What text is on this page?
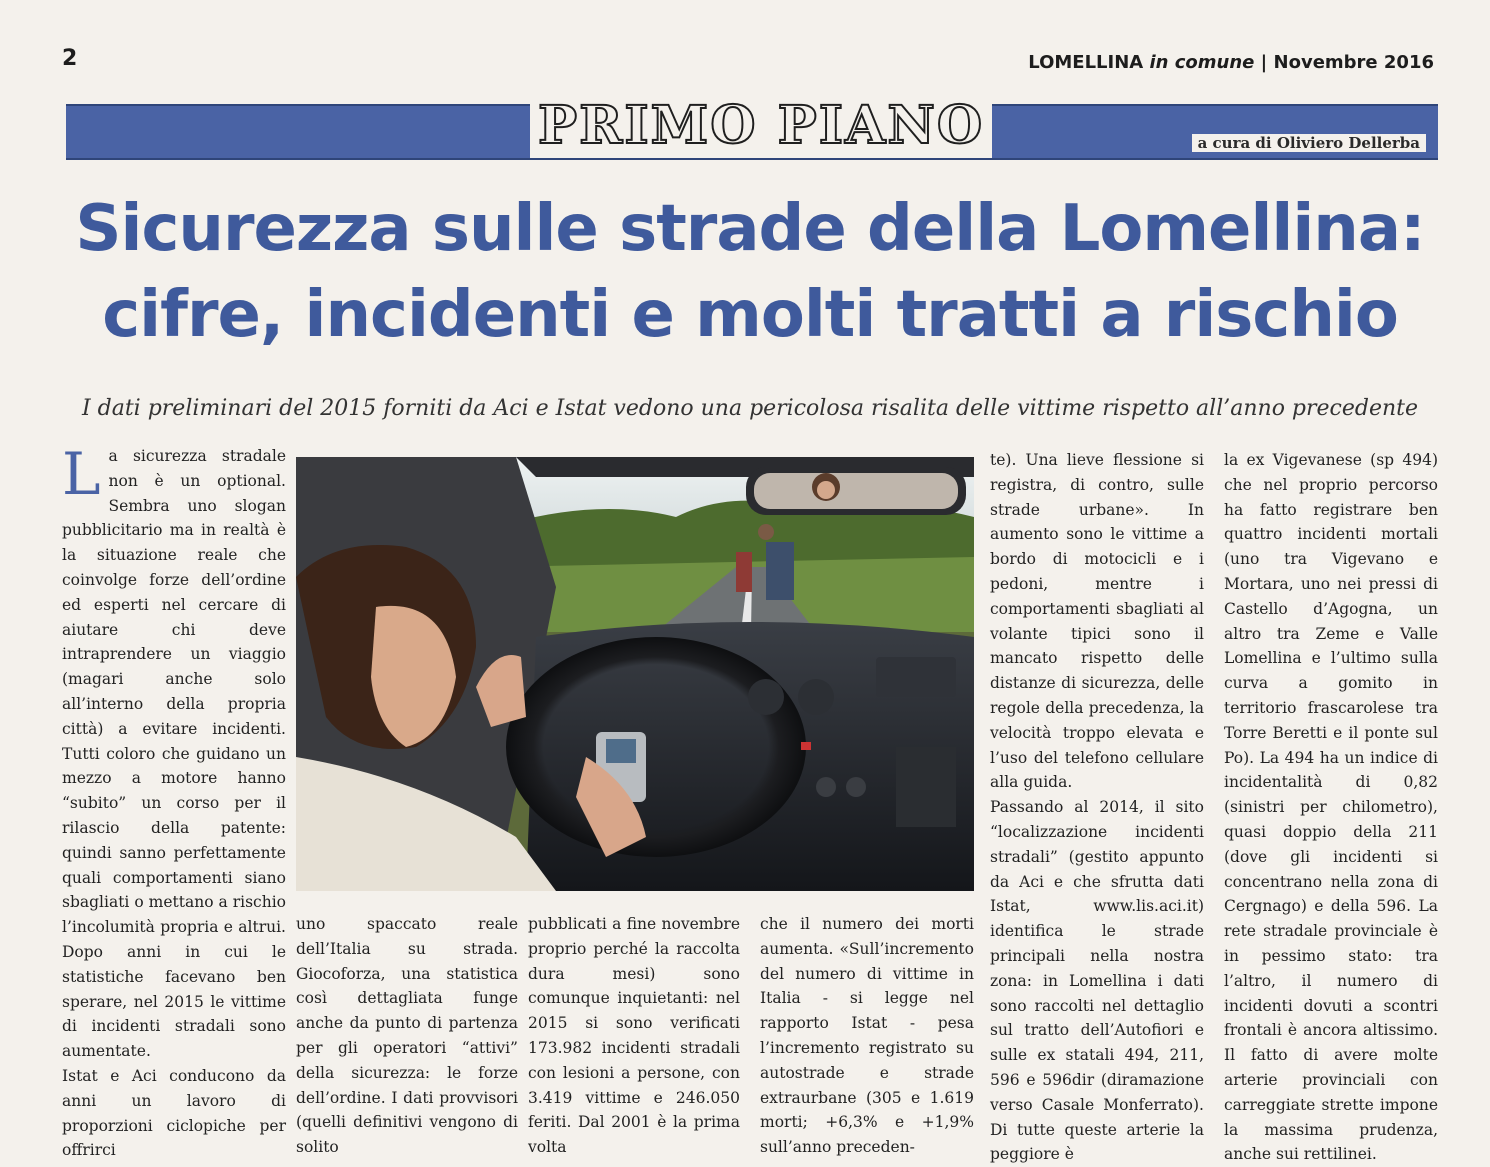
2	LOMELLINA in comune | Novembre 2016
PRIMO PIANO	a cura di Oliviero Dellerba
Sicurezza sulle strade della Lomellina:
cifre, incidenti e molti tratti a rischio
I dati preliminari del 2015 forniti da Aci e Istat vedono una pericolosa risalita delle vittime rispetto all’anno precedente
L a sicurezza stradale non è un optional. Sembra uno slogan pubblicitario ma in realtà è la situazione reale che coinvolge forze dell’ordine ed esperti nel cercare di aiutare chi deve intraprendere un viaggio (magari anche solo all’interno della propria città) a evitare incidenti. Tutti coloro che guidano un mezzo a motore hanno “subito” un corso per il rilascio della patente: quindi sanno perfettamente quali comportamenti siano sbagliati o mettano a rischio l’incolumità propria e altrui. Dopo anni in cui le statistiche facevano ben sperare, nel 2015 le vittime di incidenti stradali sono aumentate.

Istat e Aci conducono da anni un lavoro di proporzioni ciclopiche per offrirci

uno spaccato reale dell’Italia su strada. Giocoforza, una statistica così dettagliata funge anche da punto di partenza per gli operatori “attivi” della sicurezza: le forze dell’ordine. I dati provvisori (quelli definitivi vengono di solito

pubblicati a fine novembre proprio perché la raccolta dura mesi) sono comunque inquietanti: nel 2015 si sono verificati 173.982 incidenti stradali con lesioni a persone, con 3.419 vittime e 246.050 feriti. Dal 2001 è la prima volta

che il numero dei morti aumenta. «Sull’incremento del numero di vittime in Italia - si legge nel rapporto Istat - pesa l’incremento registrato su autostrade e strade extraurbane (305 e 1.619 morti; +6,3% e +1,9% sull’anno preceden-

te). Una lieve flessione si registra, di contro, sulle strade urbane». In aumento sono le vittime a bordo di motocicli e i pedoni, mentre i comportamenti sbagliati al volante tipici sono il mancato rispetto delle distanze di sicurezza, delle regole della precedenza, la velocità troppo elevata e l’uso del telefono cellulare alla guida.

Passando al 2014, il sito “localizzazione incidenti stradali” (gestito appunto da Aci e che sfrutta dati Istat, www.lis.aci.it) identifica le strade principali nella nostra zona: in Lomellina i dati sono raccolti nel dettaglio sul tratto dell’Autofiori e sulle ex statali 494, 211, 596 e 596dir (diramazione verso Casale Monferrato). Di tutte queste arterie la peggiore è

la ex Vigevanese (sp 494) che nel proprio percorso ha fatto registrare ben quattro incidenti mortali (uno tra Vigevano e Mortara, uno nei pressi di Castello d’Agogna, un altro tra Zeme e Valle Lomellina e l’ultimo sulla curva a gomito in territorio frascarolese tra Torre Beretti e il ponte sul Po). La 494 ha un indice di incidentalità di 0,82 (sinistri per chilometro), quasi doppio della 211 (dove gli incidenti si concentrano nella zona di Cergnago) e della 596. La rete stradale provinciale è in pessimo stato: tra l’altro, il numero di incidenti dovuti a scontri frontali è ancora altissimo. Il fatto di avere molte arterie provinciali con carreggiate strette impone la massima prudenza, anche sui rettilinei.
